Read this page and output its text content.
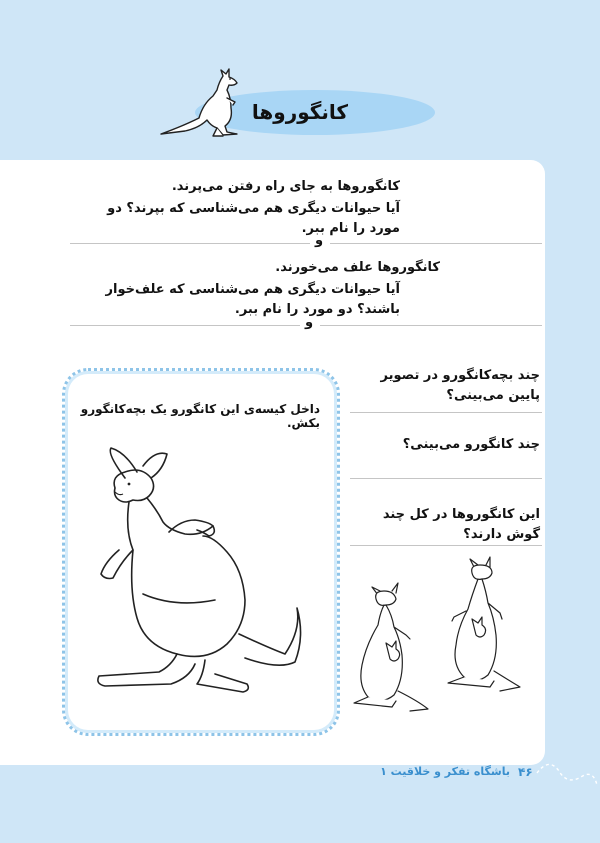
کانگوروها
کانگوروها به جای راه رفتن می‌پرند.
آیا حیوانات دیگری هم می‌شناسی که بپرند؟ دو مورد را نام ببر.
و
کانگوروها علف می‌خورند.
آیا حیوانات دیگری هم می‌شناسی که علف‌خوار باشند؟ دو مورد را نام ببر.
و
چند بچه‌کانگورو در تصویر پایین می‌بینی؟
چند کانگورو می‌بینی؟
این کانگوروها در کل چند گوش دارند؟
داخل کیسه‌ی این کانگورو یک بچه‌کانگورو بکش.
باشگاه تفکر و خلاقیت ۱ ۴۶
